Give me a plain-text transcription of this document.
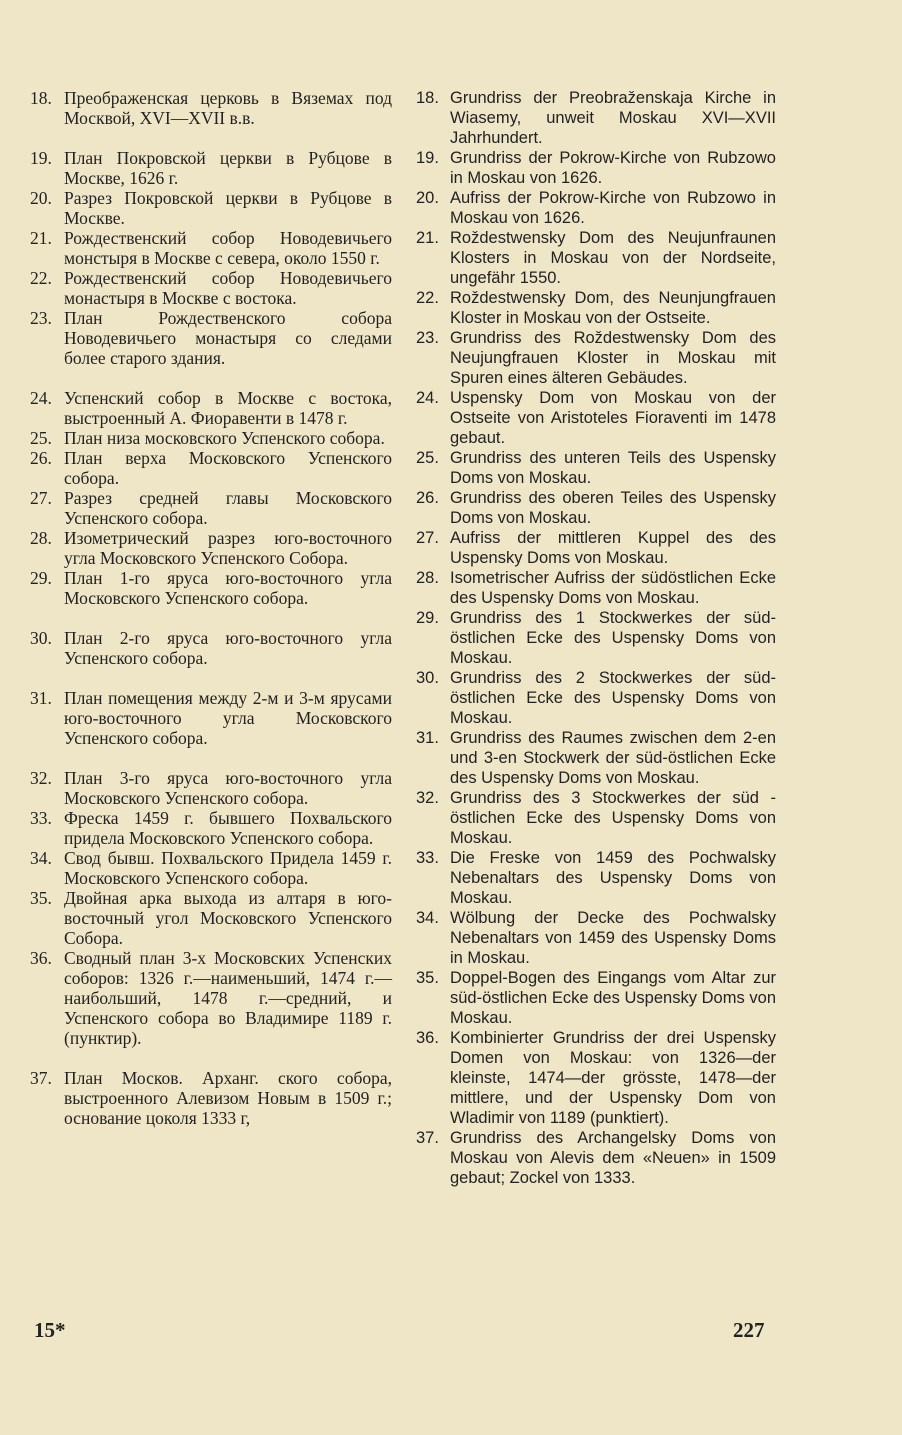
18. Преображенская церковь в Вяземах под Москвой, XVI—XVII в.в.
19. План Покровской церкви в Рубцове в Москве, 1626 г.
20. Разрез Покровской церкви в Рубцове в Москве.
21. Рождественский собор Новодевичьего монстыря в Москве с севера, около 1550 г.
22. Рождественский собор Новодевичьего монастыря в Москве с востока.
23. План Рождественского собора Новодевичьего монастыря со следами более старого здания.
24. Успенский собор в Москве с востока, выстроенный А. Фиоравенти в 1478 г.
25. План низа московского Успенского собора.
26. План верха Московского Успенского собора.
27. Разрез средней главы Московского Успенского собора.
28. Изометрический разрез юго-восточного угла Московского Успенского Собора.
29. План 1-го яруса юго-восточного угла Московского Успенского собора.
30. План 2-го яруса юго-восточного угла Успенского собора.
31. План помещения между 2-м и 3-м ярусами юго-восточного угла Московского Успенского собора.
32. План 3-го яруса юго-восточного угла Московского Успенского собора.
33. Фреска 1459 г. бывшего Похвальского придела Московского Успенского собора.
34. Свод бывш. Похвальского Придела 1459 г. Московского Успенского собора.
35. Двойная арка выхода из алтаря в юго-восточный угол Московского Успенского Собора.
36. Сводный план 3-х Московских Успенских соборов: 1326 г.—наименьший, 1474 г.—наибольший, 1478 г.—средний, и Успенского собора во Владимире 1189 г. (пунктир).
37. План Москов. Арханг. ского собора, выстроенного Алевизом Новым в 1509 г.; основание цоколя 1333 г,
18. Grundriss der Preobraženskaja Kirche in Wiasemy, unweit Moskau XVI—XVII Jahrhundert.
19. Grundriss der Pokrow-Kirche von Rubzowo in Moskau von 1626.
20. Aufriss der Pokrow-Kirche von Rubzowo in Moskau von 1626.
21. Roždestwensky Dom des Neujunfraunen Klosters in Moskau von der Nordseite, ungefähr 1550.
22. Roždestwensky Dom, des Neunjungfrauen Kloster in Moskau von der Ostseite.
23. Grundriss des Roždestwensky Dom des Neujungfrauen Kloster in Moskau mit Spuren eines älteren Gebäudes.
24. Uspensky Dom von Moskau von der Ostseite von Aristoteles Fioraventi im 1478 gebaut.
25. Grundriss des unteren Teils des Uspensky Doms von Moskau.
26. Grundriss des oberen Teiles des Uspensky Doms von Moskau.
27. Aufriss der mittleren Kuppel des des Uspensky Doms von Moskau.
28. Isometrischer Aufriss der südöstlichen Ecke des Uspensky Doms von Moskau.
29. Grundriss des 1 Stockwerkes der süd-östlichen Ecke des Uspensky Doms von Moskau.
30. Grundriss des 2 Stockwerkes der süd-östlichen Ecke des Uspensky Doms von Moskau.
31. Grundriss des Raumes zwischen dem 2-en und 3-en Stockwerk der süd-östlichen Ecke des Uspensky Doms von Moskau.
32. Grundriss des 3 Stockwerkes der süd - östlichen Ecke des Uspensky Doms von Moskau.
33. Die Freske von 1459 des Pochwalsky Nebenaltars des Uspensky Doms von Moskau.
34. Wölbung der Decke des Pochwalsky Nebenaltars von 1459 des Uspensky Doms in Moskau.
35. Doppel-Bogen des Eingangs vom Altar zur süd-östlichen Ecke des Uspensky Doms von Moskau.
36. Kombinierter Grundriss der drei Uspensky Domen von Moskau: von 1326—der kleinste, 1474—der grösste, 1478—der mittlere, und der Uspensky Dom von Wladimir von 1189 (punktiert).
37. Grundriss des Archangelsky Doms von Moskau von Alevis dem «Neuen» in 1509 gebaut; Zockel von 1333.
15*	227
